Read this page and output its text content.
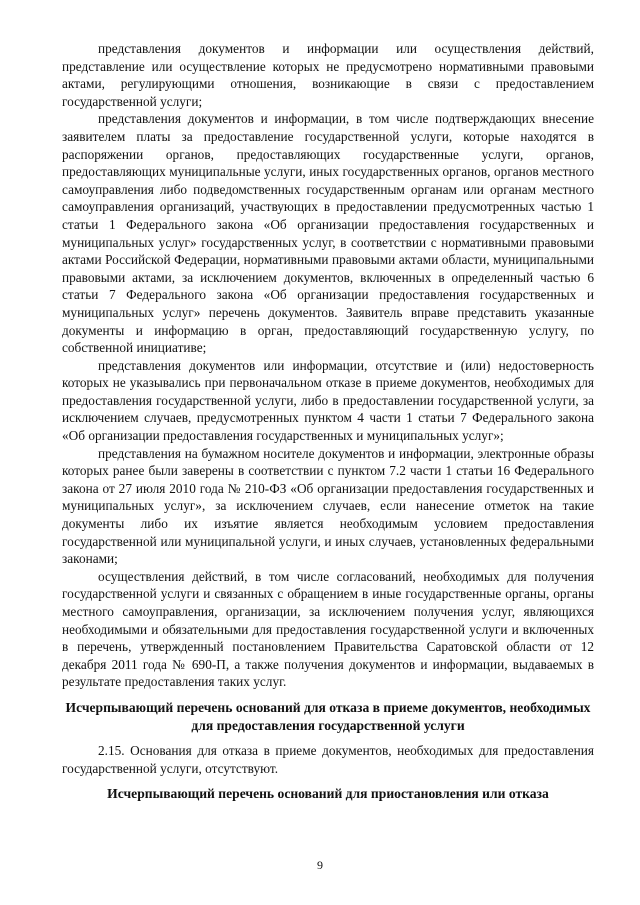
представления документов и информации или осуществления действий, представление или осуществление которых не предусмотрено нормативными правовыми актами, регулирующими отношения, возникающие в связи с предоставлением государственной услуги;

представления документов и информации, в том числе подтверждающих внесение заявителем платы за предоставление государственной услуги, которые находятся в распоряжении органов, предоставляющих государственные услуги, органов, предоставляющих муниципальные услуги, иных государственных органов, органов местного самоуправления либо подведомственных государственным органам или органам местного самоуправления организаций, участвующих в предоставлении предусмотренных частью 1 статьи 1 Федерального закона «Об организации предоставления государственных и муниципальных услуг» государственных услуг, в соответствии с нормативными правовыми актами Российской Федерации, нормативными правовыми актами области, муниципальными правовыми актами, за исключением документов, включенных в определенный частью 6 статьи 7 Федерального закона «Об организации предоставления государственных и муниципальных услуг» перечень документов. Заявитель вправе представить указанные документы и информацию в орган, предоставляющий государственную услугу, по собственной инициативе;

представления документов или информации, отсутствие и (или) недостоверность которых не указывались при первоначальном отказе в приеме документов, необходимых для предоставления государственной услуги, либо в предоставлении государственной услуги, за исключением случаев, предусмотренных пунктом 4 части 1 статьи 7 Федерального закона «Об организации предоставления государственных и муниципальных услуг»;

представления на бумажном носителе документов и информации, электронные образы которых ранее были заверены в соответствии с пунктом 7.2 части 1 статьи 16 Федерального закона от 27 июля 2010 года № 210-ФЗ «Об организации предоставления государственных и муниципальных услуг», за исключением случаев, если нанесение отметок на такие документы либо их изъятие является необходимым условием предоставления государственной или муниципальной услуги, и иных случаев, установленных федеральными законами;

осуществления действий, в том числе согласований, необходимых для получения государственной услуги и связанных с обращением в иные государственные органы, органы местного самоуправления, организации, за исключением получения услуг, являющихся необходимыми и обязательными для предоставления государственной услуги и включенных в перечень, утвержденный постановлением Правительства Саратовской области от 12 декабря 2011 года № 690-П, а также получения документов и информации, выдаваемых в результате предоставления таких услуг.

Исчерпывающий перечень оснований для отказа в приеме документов, необходимых для предоставления государственной услуги

2.15. Основания для отказа в приеме документов, необходимых для предоставления государственной услуги, отсутствуют.

Исчерпывающий перечень оснований для приостановления или отказа
9
